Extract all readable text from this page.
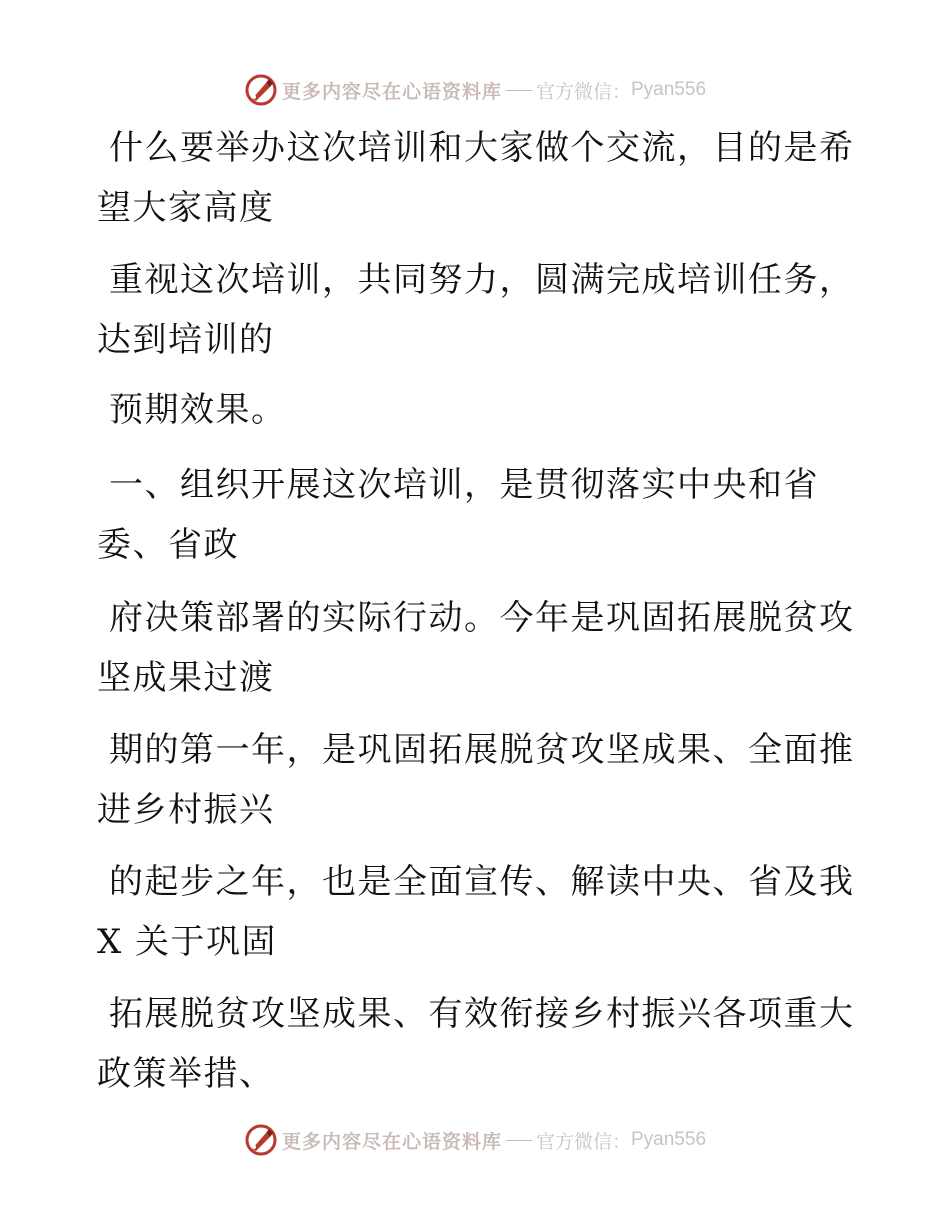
更多内容尽在心语资料库 官方微信： Pyan556
什么要举办这次培训和大家做个交流，目的是希
望大家高度
重视这次培训，共同努力，圆满完成培训任务，
达到培训的
预期效果。
一、组织开展这次培训，是贯彻落实中央和省
委、省政
府决策部署的实际行动。今年是巩固拓展脱贫攻
坚成果过渡
期的第一年，是巩固拓展脱贫攻坚成果、全面推
进乡村振兴
的起步之年，也是全面宣传、解读中央、省及我
X 关于巩固
拓展脱贫攻坚成果、有效衔接乡村振兴各项重大
政策举措、
更多内容尽在心语资料库 官方微信： Pyan556
